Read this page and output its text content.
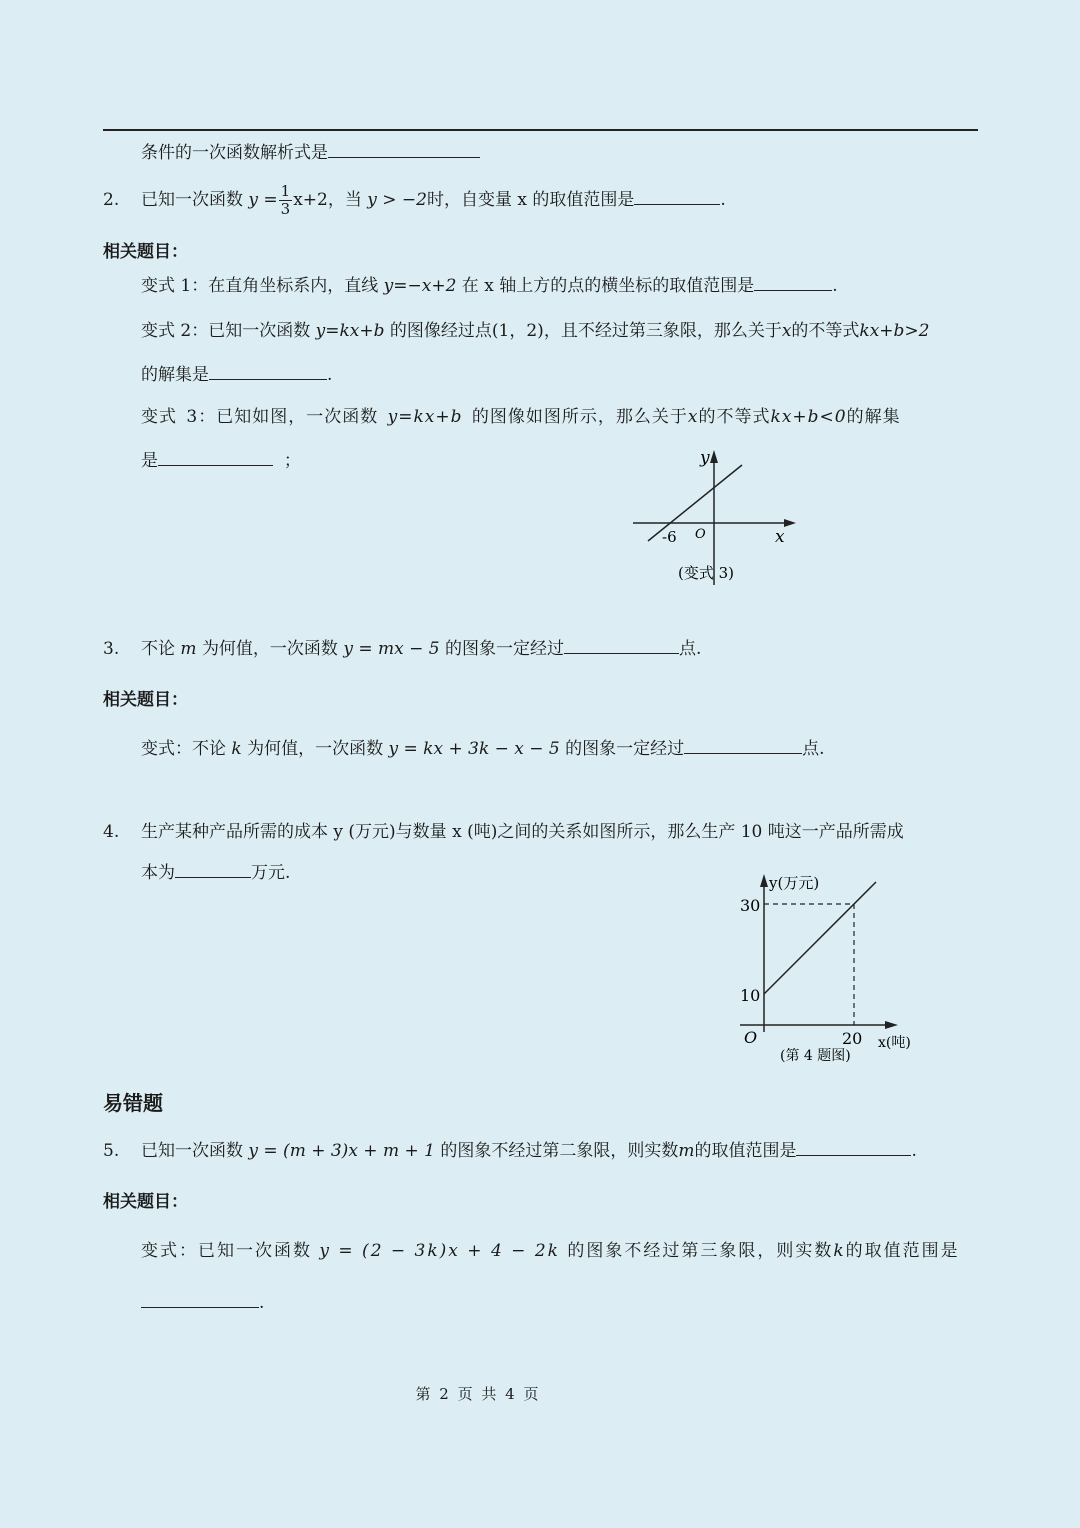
条件的一次函数解析式是
2. 已知一次函数 $y = \frac{1}{3} x+2$，当 y > −2时，自变量 x 的取值范围是	.
相关题目：
变式 1：在直角坐标系内，直线 y=−x+2 在 x 轴上方的点的横坐标的取值范围是	.
变式 2：已知一次函数 y=kx+b 的图像经过点(1，2)，且不经过第三象限，那么关于x的不等式kx+b>2
的解集是	.
变式 3：已知如图，一次函数 y=kx+b 的图像如图所示，那么关于x的不等式kx+b<0的解集
是	；	y
x
O
-6
(变式 3)
3. 不论 m 为何值，一次函数 y = mx − 5 的图象一定经过	点.
相关题目：
变式：不论 k 为何值，一次函数 y = kx + 3k − x − 5 的图象一定经过	点.
4. 生产某种产品所需的成本 y (万元)与数量 x (吨)之间的关系如图所示，那么生产 10 吨这一产品所需成
本为	万元.	y(万元)
30
10
O	20 x(吨)
(第 4 题图)
易错题
5. 已知一次函数 y = (m + 3)x + m + 1 的图象不经过第二象限，则实数m的取值范围是	.
相关题目：
变式：已知一次函数 y = (2 − 3k)x + 4 − 2k 的图象不经过第三象限，则实数k的取值范围是
.
第 2 页 共 4 页
